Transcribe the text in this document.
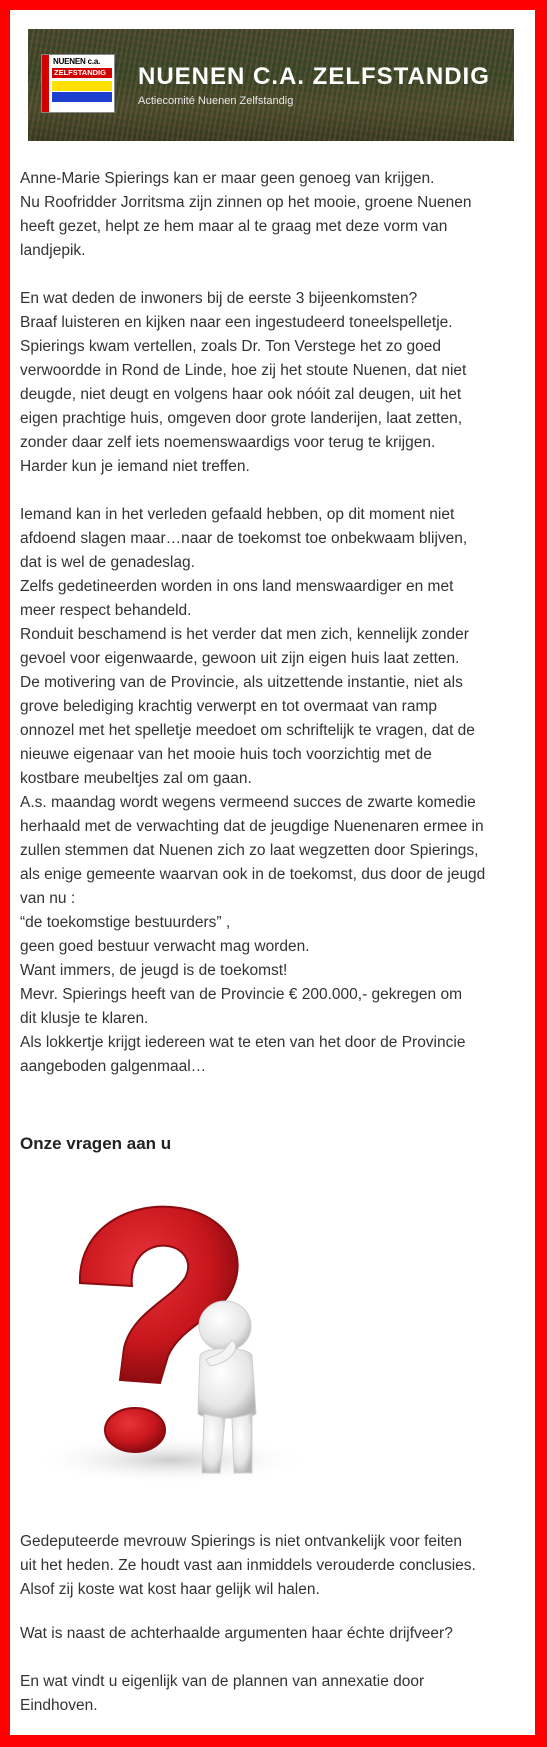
NUENEN c.a.
ZELFSTANDIG NUENEN C.A. ZELFSTANDIG
Actiecomité Nuenen Zelfstandig
Anne-Marie Spierings kan er maar geen genoeg van krijgen.
Nu Roofridder Jorritsma zijn zinnen op het mooie, groene Nuenen
heeft gezet, helpt ze hem maar al te graag met deze vorm van
landjepik.
En wat deden de inwoners bij de eerste 3 bijeenkomsten?
Braaf luisteren en kijken naar een ingestudeerd toneelspelletje.
Spierings kwam vertellen, zoals Dr. Ton Verstege het zo goed
verwoordde in Rond de Linde, hoe zij het stoute Nuenen, dat niet
deugde, niet deugt en volgens haar ook nóóit zal deugen, uit het
eigen prachtige huis, omgeven door grote landerijen, laat zetten,
zonder daar zelf iets noemenswaardigs voor terug te krijgen.
Harder kun je iemand niet treffen.
Iemand kan in het verleden gefaald hebben, op dit moment niet
afdoend slagen maar…naar de toekomst toe onbekwaam blijven,
dat is wel de genadeslag.
Zelfs gedetineerden worden in ons land menswaardiger en met
meer respect behandeld.
Ronduit beschamend is het verder dat men zich, kennelijk zonder
gevoel voor eigenwaarde, gewoon uit zijn eigen huis laat zetten.
De motivering van de Provincie, als uitzettende instantie, niet als
grove belediging krachtig verwerpt en tot overmaat van ramp
onnozel met het spelletje meedoet om schriftelijk te vragen, dat de
nieuwe eigenaar van het mooie huis toch voorzichtig met de
kostbare meubeltjes zal om gaan.
A.s. maandag wordt wegens vermeend succes de zwarte komedie
herhaald met de verwachting dat de jeugdige Nuenenaren ermee in
zullen stemmen dat Nuenen zich zo laat wegzetten door Spierings,
als enige gemeente waarvan ook in de toekomst, dus door de jeugd
van nu :
“de toekomstige bestuurders” ,
geen goed bestuur verwacht mag worden.
Want immers, de jeugd is de toekomst!
Mevr. Spierings heeft van de Provincie € 200.000,- gekregen om
dit klusje te klaren.
Als lokkertje krijgt iedereen wat te eten van het door de Provincie
aangeboden galgenmaal…
Onze vragen aan u
Gedeputeerde mevrouw Spierings is niet ontvankelijk voor feiten
uit het heden. Ze houdt vast aan inmiddels verouderde conclusies.
Alsof zij koste wat kost haar gelijk wil halen.
Wat is naast de achterhaalde argumenten haar échte drijfveer?
En wat vindt u eigenlijk van de plannen van annexatie door
Eindhoven.
